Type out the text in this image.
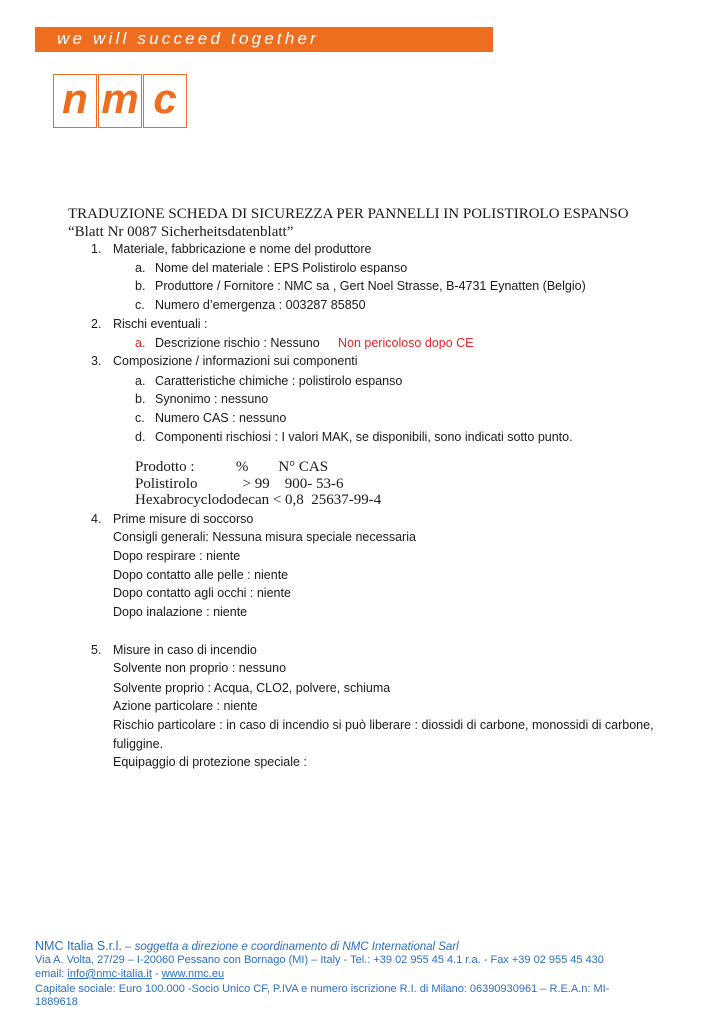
we will succeed together
n m c
TRADUZIONE SCHEDA DI SICUREZZA PER PANNELLI IN POLISTIROLO ESPANSO
“Blatt Nr 0087 Sicherheitsdatenblatt”
1. Materiale, fabbricazione e nome del produttore
a. Nome del materiale : EPS Polistirolo espanso
b. Produttore / Fornitore : NMC sa , Gert Noel Strasse, B-4731 Eynatten (Belgio)
c. Numero d’emergenza : 003287 85850
2. Rischi eventuali :
a. Descrizione rischio : Nessuno Non pericoloso dopo CE
3. Composizione / informazioni sui componenti
a. Caratteristiche chimiche : polistirolo espanso
b. Synonimo : nessuno
c. Numero CAS : nessuno
d. Componenti rischiosi : I valori MAK, se disponibili, sono indicati sotto punto.
Prodotto :           %        N° CAS
Polistirolo            > 99    900- 53-6
Hexabrocyclododecan < 0,8  25637-99-4
4. Prime misure di soccorso
Consigli generali: Nessuna misura speciale necessaria
Dopo respirare : niente
Dopo contatto alle pelle : niente
Dopo contatto agli occhi : niente
Dopo inalazione : niente
5. Misure in caso di incendio
Solvente non proprio : nessuno
Solvente proprio : Acqua, CLO2, polvere, schiuma
Azione particolare : niente
Rischio particolare : in caso di incendio si può liberare : diossidi di carbone, monossidi di carbone,
fuliggine.
Equipaggio di protezione speciale :
NMC Italia S.r.l. – soggetta a direzione e coordinamento di NMC International Sarl
Via A. Volta, 27/29 – I-20060 Pessano con Bornago (MI) – Italy - Tel.: +39 02 955 45 4.1 r.a. - Fax +39 02 955 45 430
email: info@nmc-italia.it - www.nmc.eu
Capitale sociale: Euro 100.000 -Socio Unico CF, P.IVA e numero iscrizione R.I. di Milano: 06390930961 – R.E.A.n: MI-
1889618
